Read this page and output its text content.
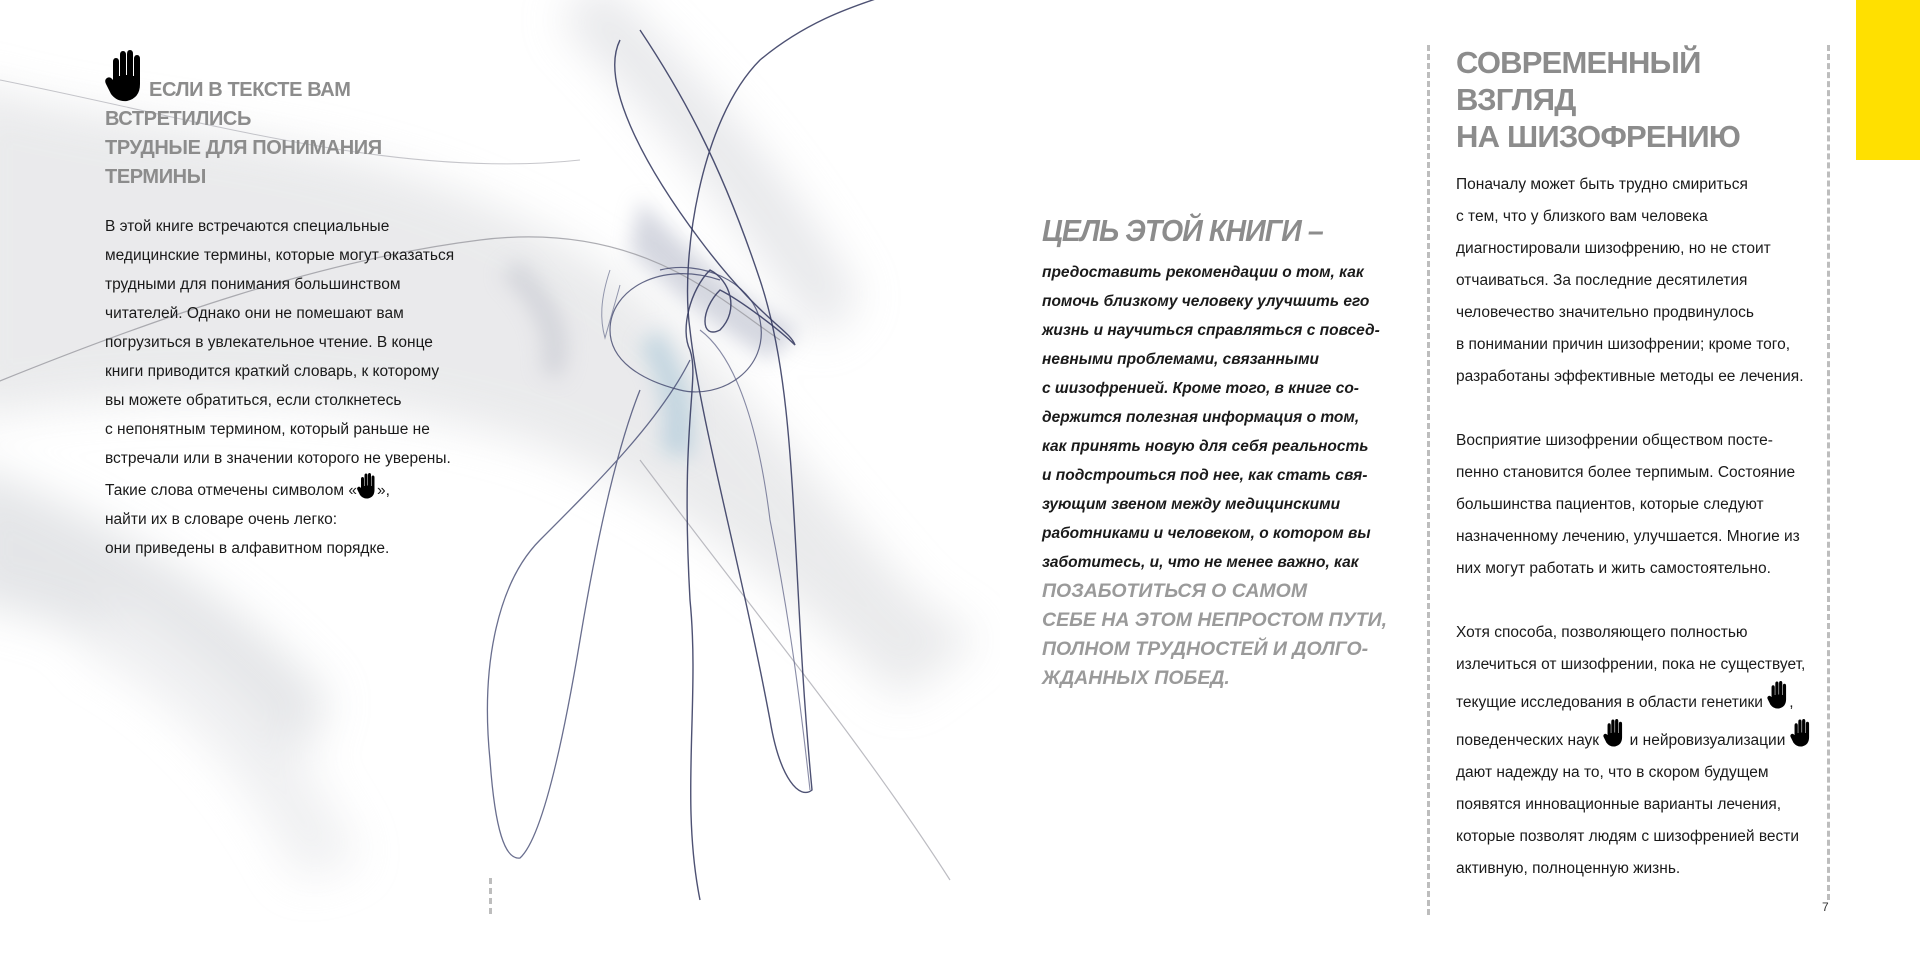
ЕСЛИ В ТЕКСТЕ ВАМ ВСТРЕТИЛИСЬ
ТРУДНЫЕ ДЛЯ ПОНИМАНИЯ ТЕРМИНЫ

В этой книге встречаются специальные

медицинские термины, которые могут оказаться

трудными для понимания большинством

читателей. Однако они не помешают вам

погрузиться в увлекательное чтение. В конце

книги приводится краткий словарь, к которому

вы можете обратиться, если столкнетесь

с непонятным термином, который раньше не

встречали или в значении которого не уверены.

Такие слова отмечены символом « »,

найти их в словаре очень легко:

они приведены в алфавитном порядке.

ЦЕЛЬ ЭТОЙ КНИГИ –

предоставить рекомендации о том, как

помочь близкому человеку улучшить его

жизнь и научиться справляться с повсед-

невными проблемами, связанными

с шизофренией. Кроме того, в книге со-

держится полезная информация о том,

как принять новую для себя реальность

и подстроиться под нее, как стать свя-

зующим звеном между медицинскими

работниками и человеком, о котором вы

заботитесь, и, что не менее важно, как

ПОЗАБОТИТЬСЯ О САМОМ

СЕБЕ НА ЭТОМ НЕПРОСТОМ ПУТИ,

ПОЛНОМ ТРУДНОСТЕЙ И ДОЛГО-

ЖДАННЫХ ПОБЕД.

СОВРЕМЕННЫЙ ВЗГЛЯД
НА ШИЗОФРЕНИЮ

Поначалу может быть трудно смириться

с тем, что у близкого вам человека

диагностировали шизофрению, но не стоит

отчаиваться. За последние десятилетия

человечество значительно продвинулось

в понимании причин шизофрении; кроме того,

разработаны эффективные методы ее лечения.

Восприятие шизофрении обществом посте-

пенно становится более терпимым. Состояние

большинства пациентов, которые следуют

назначенному лечению, улучшается. Многие из

них могут работать и жить самостоятельно.

Хотя способа, позволяющего полностью

излечиться от шизофрении, пока не существует,

текущие исследования в области генетики ,

поведенческих наук  и нейровизуализации

дают надежду на то, что в скором будущем

появятся инновационные варианты лечения,

которые позволят людям с шизофренией вести

активную, полноценную жизнь.

7
